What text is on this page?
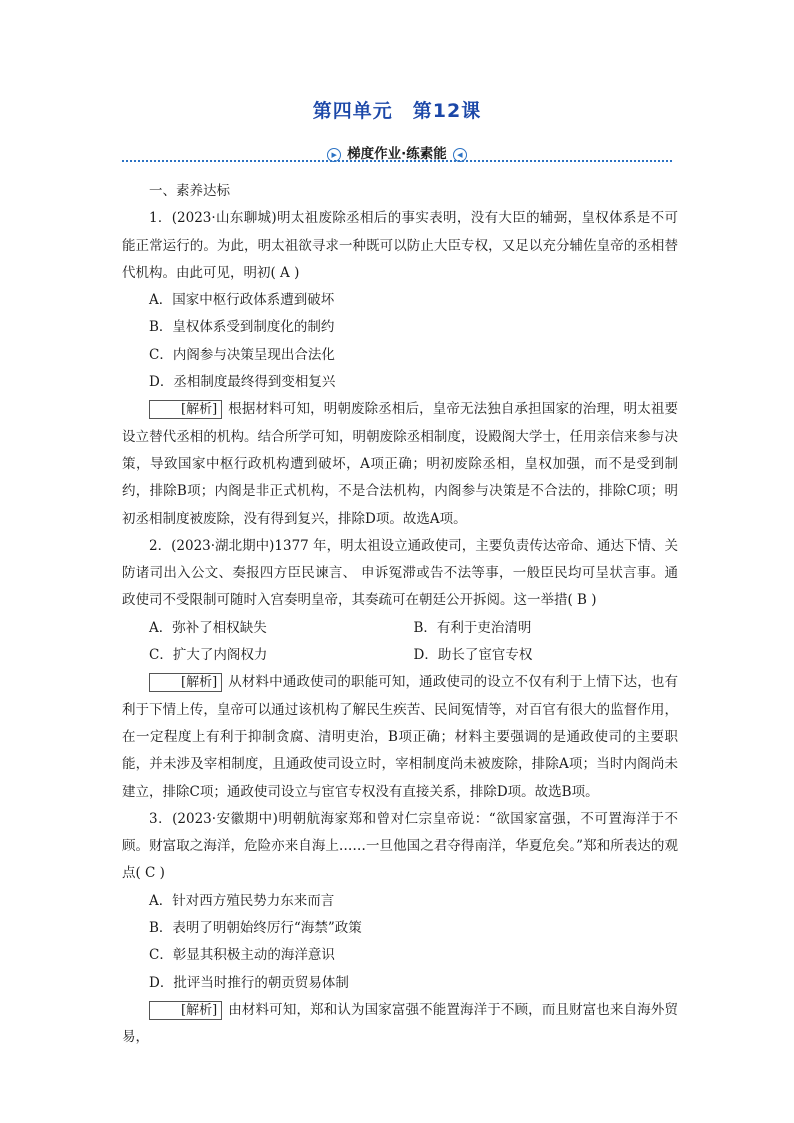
第四单元　第12课
▶ 梯度作业·练素能 ◀

一、素养达标

1．(2023·山东聊城)明太祖废除丞相后的事实表明，没有大臣的辅弼，皇权体系是不可能正常运行的。为此，明太祖欲寻求一种既可以防止大臣专权，又足以充分辅佐皇帝的丞相替代机构。由此可见，明初( A )

A．国家中枢行政体系遭到破坏

B．皇权体系受到制度化的制约

C．内阁参与决策呈现出合法化

D．丞相制度最终得到变相复兴

[解析] 根据材料可知，明朝废除丞相后，皇帝无法独自承担国家的治理，明太祖要设立替代丞相的机构。结合所学可知，明朝废除丞相制度，设殿阁大学士，任用亲信来参与决策，导致国家中枢行政机构遭到破坏，A项正确；明初废除丞相，皇权加强，而不是受到制约，排除B项；内阁是非正式机构，不是合法机构，内阁参与决策是不合法的，排除C项；明初丞相制度被废除，没有得到复兴，排除D项。故选A项。

2．(2023·湖北期中)1377 年，明太祖设立通政使司，主要负责传达帝命、通达下情、关防诸司出入公文、奏报四方臣民谏言、 申诉冤滞或告不法等事，一般臣民均可呈状言事。通政使司不受限制可随时入宫奏明皇帝，其奏疏可在朝廷公开拆阅。这一举措( B )

A．弥补了相权缺失	B．有利于吏治清明
C．扩大了内阁权力	D．助长了宦官专权

[解析] 从材料中通政使司的职能可知，通政使司的设立不仅有利于上情下达，也有利于下情上传，皇帝可以通过该机构了解民生疾苦、民间冤情等，对百官有很大的监督作用，在一定程度上有利于抑制贪腐、清明吏治，B项正确；材料主要强调的是通政使司的主要职能，并未涉及宰相制度，且通政使司设立时，宰相制度尚未被废除，排除A项；当时内阁尚未建立，排除C项；通政使司设立与宦官专权没有直接关系，排除D项。故选B项。

3．(2023·安徽期中)明朝航海家郑和曾对仁宗皇帝说：“欲国家富强，不可置海洋于不顾。财富取之海洋，危险亦来自海上……一旦他国之君夺得南洋，华夏危矣。”郑和所表达的观点( C )

A．针对西方殖民势力东来而言

B．表明了明朝始终厉行“海禁”政策

C．彰显其积极主动的海洋意识

D．批评当时推行的朝贡贸易体制

[解析] 由材料可知，郑和认为国家富强不能置海洋于不顾，而且财富也来自海外贸易，
